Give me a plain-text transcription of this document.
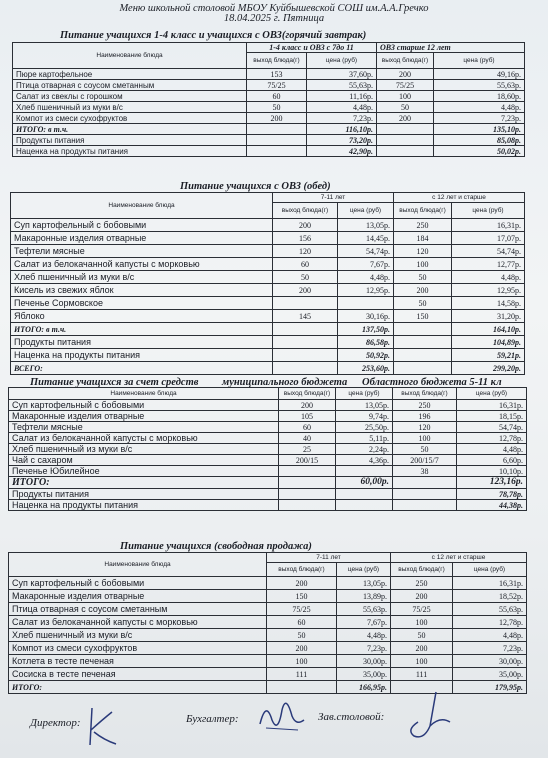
Меню школьной столовой МБОУ Куйбышевской СОШ им.А.А.Гречко
18.04.2025 г. Пятница
Питание учащихся 1-4 класс и учащихся с ОВЗ(горячий завтрак)
Наименование блюда	1-4 класс и ОВЗ с 7до 11		ОВЗ старше 12 лет	
	выход блюда(г)	цена (руб)	выход блюда(г)	цена (руб)
Пюре картофельное	153	37,60р.	200	49,16р.
Птица отварная с соусом сметанным	75/25	55,63р.	75/25	55,63р.
Салат из свеклы с горошком	60	11,16р.	100	18,60р.
Хлеб пшеничный из муки в/с	50	4,48р.	50	4,48р.
Компот из смеси сухофруктов	200	7,23р.	200	7,23р.
ИТОГО: в т.ч.		116,10р.		135,10р.
Продукты питания		73,20р.		85,08р.
Наценка на продукты питания		42,90р.		50,02р.
Питание учащихся с ОВЗ (обед)
Наименование блюда	7-11 лет		с 12 лет и старше	
	выход блюда(г)	цена (руб)	выход блюда(г)	цена (руб)
Суп картофельный с бобовыми	200	13,05р.	250	16,31р.
Макаронные изделия отварные	156	14,45р.	184	17,07р.
Тефтели мясные	120	54,74р.	120	54,74р.
Салат из белокачанной капусты с морковью	60	7,67р.	100	12,77р.
Хлеб пшеничный из муки в/с	50	4,48р.	50	4,48р.
Кисель из свежих яблок	200	12,95р.	200	12,95р.
Печенье Сормовское			50	14,58р.
Яблоко	145	30,16р.	150	31,20р.
ИТОГО: в т.ч.		137,50р.		164,10р.
Продукты питания		86,58р.		104,89р.
Наценка на продукты питания		50,92р.		59,21р.
ВСЕГО:		253,60р.		299,20р.
Питание учащихся за счет средств муниципального бюджета Областного бюджета 5-11 кл
Наименование блюда	выход блюда(г)	цена (руб)	выход блюда(г)	цена (руб)
Суп картофельный с бобовыми	200	13,05р.	250	16,31р.
Макаронные изделия отварные	105	9,74р.	196	18,15р.
Тефтели мясные	60	25,50р.	120	54,74р.
Салат из белокачанной капусты с морковью	40	5,11р.	100	12,78р.
Хлеб пшеничный из муки в/с	25	2,24р.	50	4,48р.
Чай с сахаром	200/15	4,36р.	200/15/7	6,60р.
Печенье Юбилейное			38	10,10р.
ИТОГО:		60,00р.		123,16р.
Продукты питания				78,78р.
Наценка на продукты питания				44,38р.
Питание учащихся (свободная продажа)
Наименование блюда	7-11 лет		с 12 лет и старше	
	выход блюда(г)	цена (руб)	выход блюда(г)	цена (руб)
Суп картофельный с бобовыми	200	13,05р.	250	16,31р.
Макаронные изделия отварные	150	13,89р.	200	18,52р.
Птица отварная с соусом сметанным	75/25	55,63р.	75/25	55,63р.
Салат из белокачанной капусты с морковью	60	7,67р.	100	12,78р.
Хлеб пшеничный из муки в/с	50	4,48р.	50	4,48р.
Компот из смеси сухофруктов	200	7,23р.	200	7,23р.
Котлета в тесте печеная	100	30,00р.	100	30,00р.
Сосиска в тесте печеная	111	35,00р.	111	35,00р.
ИТОГО:		166,95р.		179,95р.
Директор:	Бухгалтер:	Зав.столовой:
